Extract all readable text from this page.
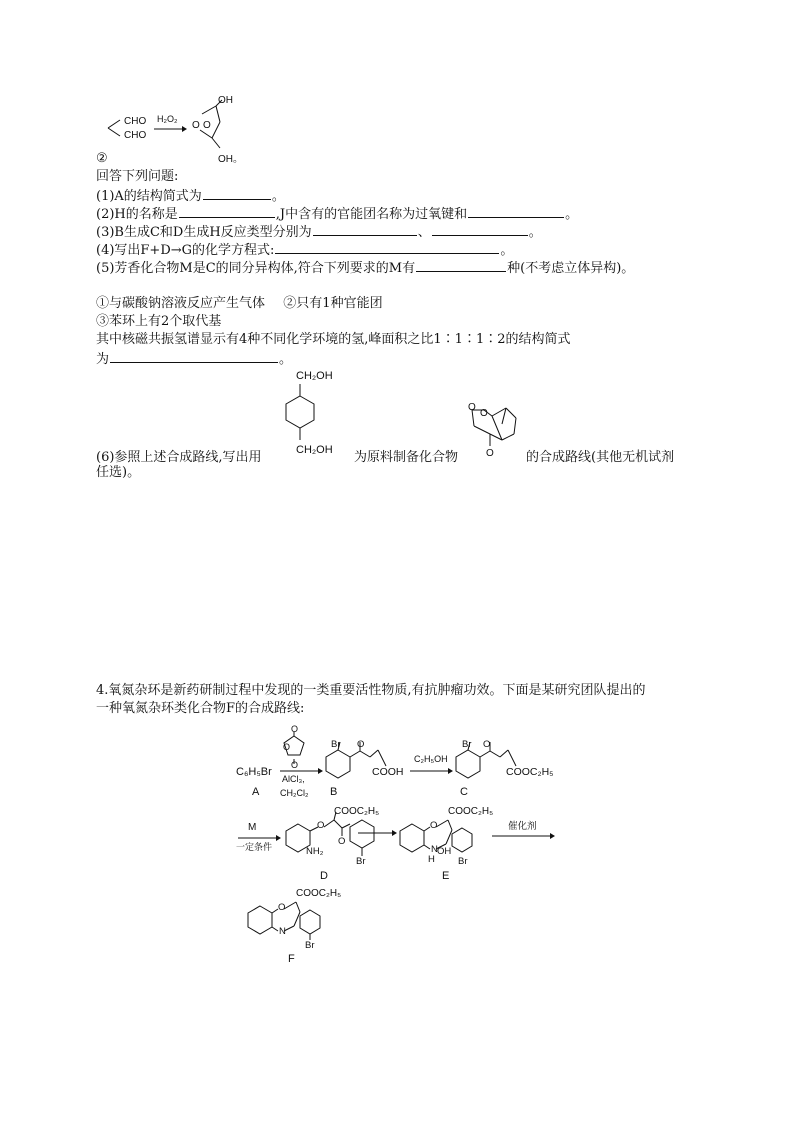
CHO
CHO
H₂O₂
OH
O O
OH。
②
回答下列问题:
(1)A的结构简式为	。
(2)H的名称是	,J中含有的官能团名称为过氧键和	。
(3)B生成C和D生成H反应类型分别为	、	。
(4)写出F+D→G的化学方程式:	。
(5)芳香化合物M是C的同分异构体,符合下列要求的M有	种(不考虑立体异构)。
①与碳酸钠溶液反应产生气体 ②只有1种官能团
③苯环上有2个取代基
其中核磁共振氢谱显示有4种不同化学环境的氢,峰面积之比1∶1∶1∶2的结构简式
为	。
CH₂OH
CH₂OH
O
O
O
(6)参照上述合成路线,写出用	为原料制备化合物	的合成路线(其他无机试剂
任选)。
4.氧氮杂环是新药研制过程中发现的一类重要活性物质,有抗肿瘤功效。下面是某研究团队提出的
一种氧氮杂环类化合物F的合成路线:
C₆H₅Br
A
O
O
O
AlCl₃,
CH₂Cl₂
Br O
COOH
B
C₂H₅OH
Br O
COOC₂H₅
C
M
一定条件
O
COOC₂H₅
O
NH₂
Br
D
O
COOC₂H₅
N
H
OH
Br
E
催化剂
O
COOC₂H₅
N
Br
F
